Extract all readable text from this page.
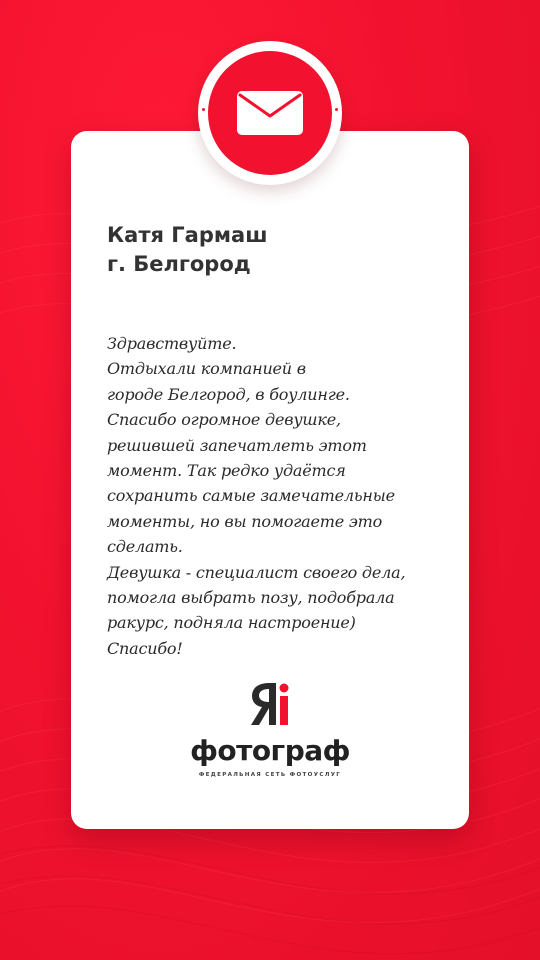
Катя Гармаш
г. Белгород
Здравствуйте.
Отдыхали компанией в
городе Белгород, в боулинге.
Спасибо огромное девушке,
решившей запечатлеть этот
момент. Так редко удаётся
сохранить самые замечательные
моменты, но вы помогаете это
сделать.
Девушка - специалист своего дела,
помогла выбрать позу, подобрала
ракурс, подняла настроение)
Спасибо!
фотограф
ФЕДЕРАЛЬНАЯ СЕТЬ ФОТОУСЛУГ
